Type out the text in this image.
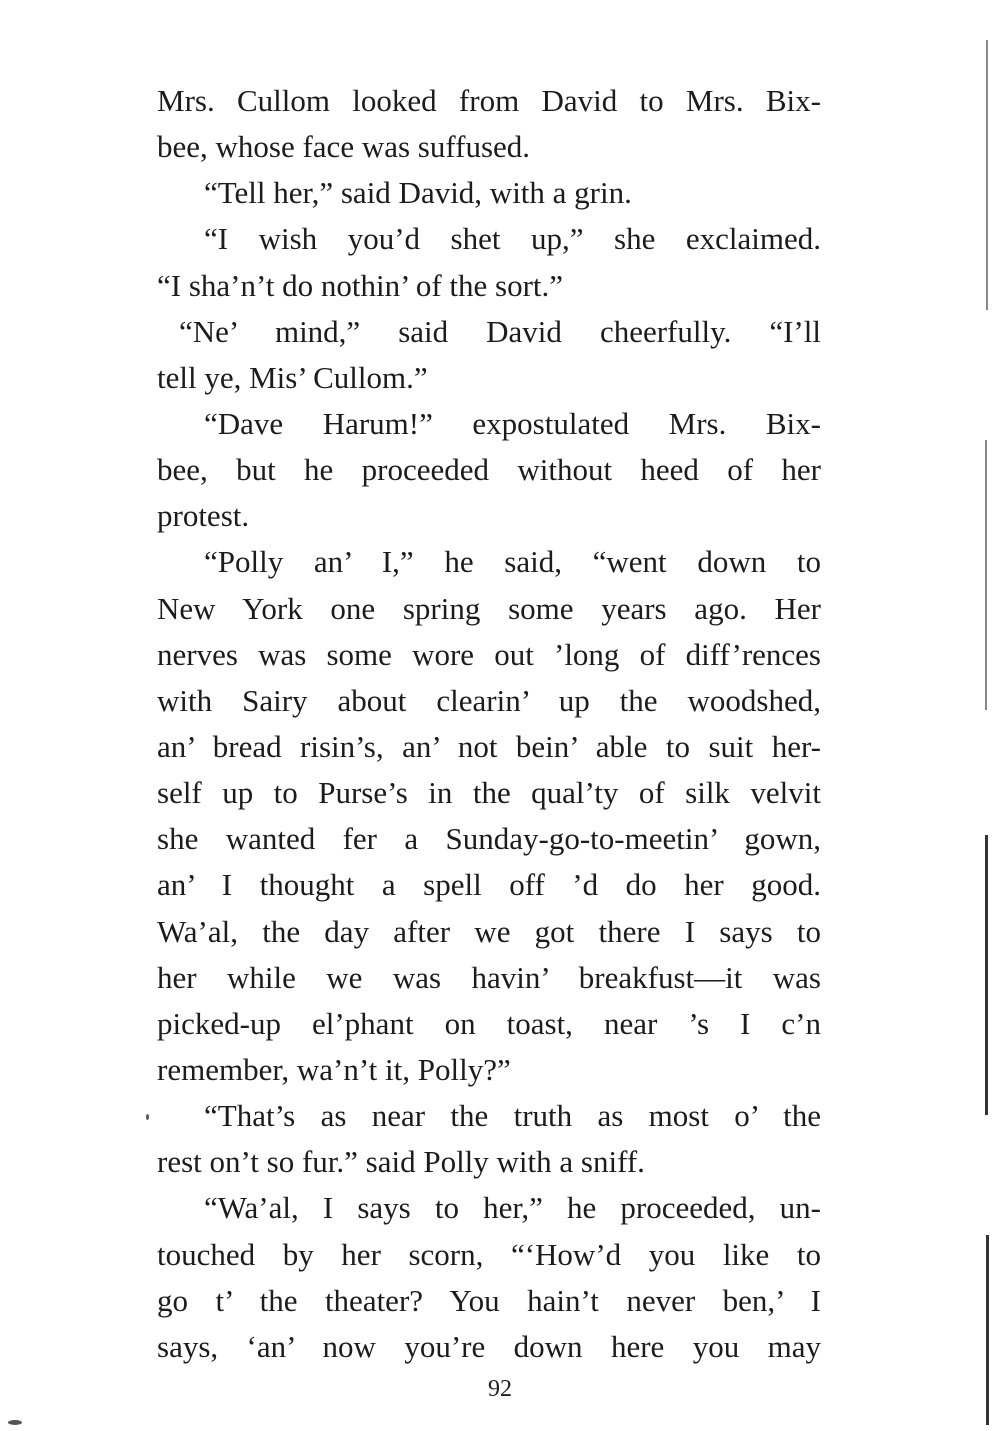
Mrs. Cullom looked from David to Mrs. Bix-
bee, whose face was suffused.
“Tell her,” said David, with a grin.
“I wish you’d shet up,” she exclaimed.
“I sha’n’t do nothin’ of the sort.”
“Ne’ mind,” said David cheerfully. “I’ll
tell ye, Mis’ Cullom.”
“Dave Harum!” expostulated Mrs. Bix-
bee, but he proceeded without heed of her
protest.
“Polly an’ I,” he said, “went down to
New York one spring some years ago. Her
nerves was some wore out ’long of diff’rences
with Sairy about clearin’ up the woodshed,
an’ bread risin’s, an’ not bein’ able to suit her-
self up to Purse’s in the qual’ty of silk velvit
she wanted fer a Sunday-go-to-meetin’ gown,
an’ I thought a spell off ’d do her good.
Wa’al, the day after we got there I says to
her while we was havin’ breakfust—it was
picked-up el’phant on toast, near ’s I c’n
remember, wa’n’t it, Polly?”
“That’s as near the truth as most o’ the
rest on’t so fur.” said Polly with a sniff.
“Wa’al, I says to her,” he proceeded, un-
touched by her scorn, “‘How’d you like to
go t’ the theater? You hain’t never ben,’ I
says, ‘an’ now you’re down here you may
92
